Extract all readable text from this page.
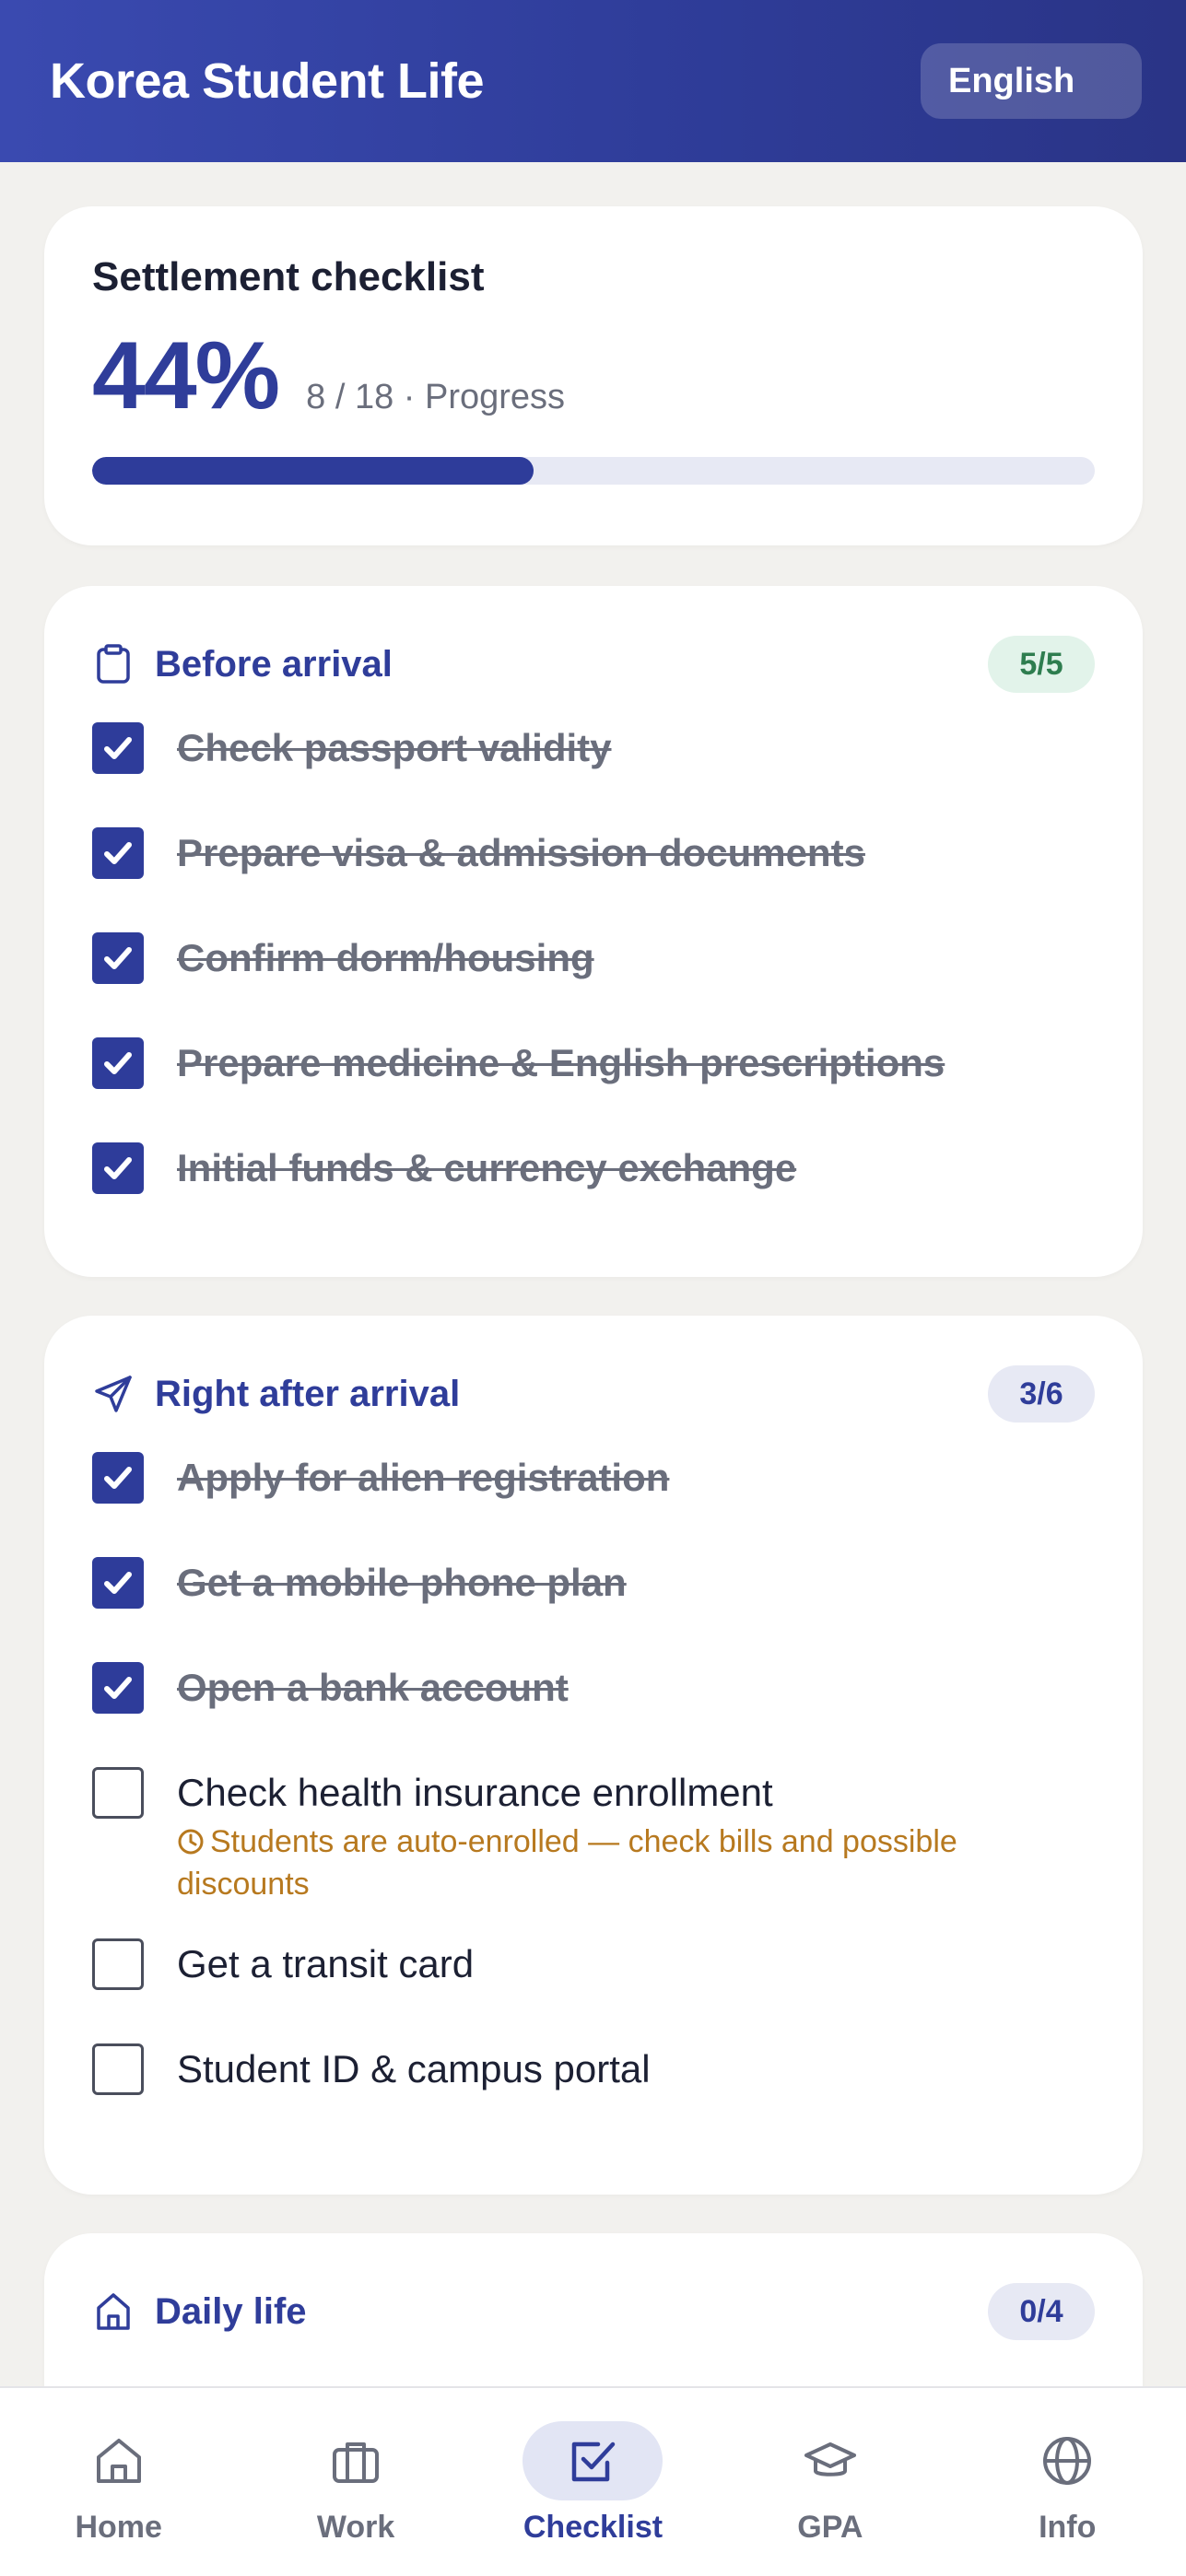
Korea Student Life	English
Settlement checklist
44% 8 / 18 · Progress
Before arrival	5/5
Check passport validity
Prepare visa & admission documents
Confirm dorm/housing
Prepare medicine & English prescriptions
Initial funds & currency exchange
Right after arrival	3/6
Apply for alien registration
Get a mobile phone plan
Open a bank account
Check health insurance enrollment
Students are auto-enrolled — check bills and possible discounts
Get a transit card
Student ID & campus portal
Daily life	0/4
Home	Work	Checklist	GPA	Info
